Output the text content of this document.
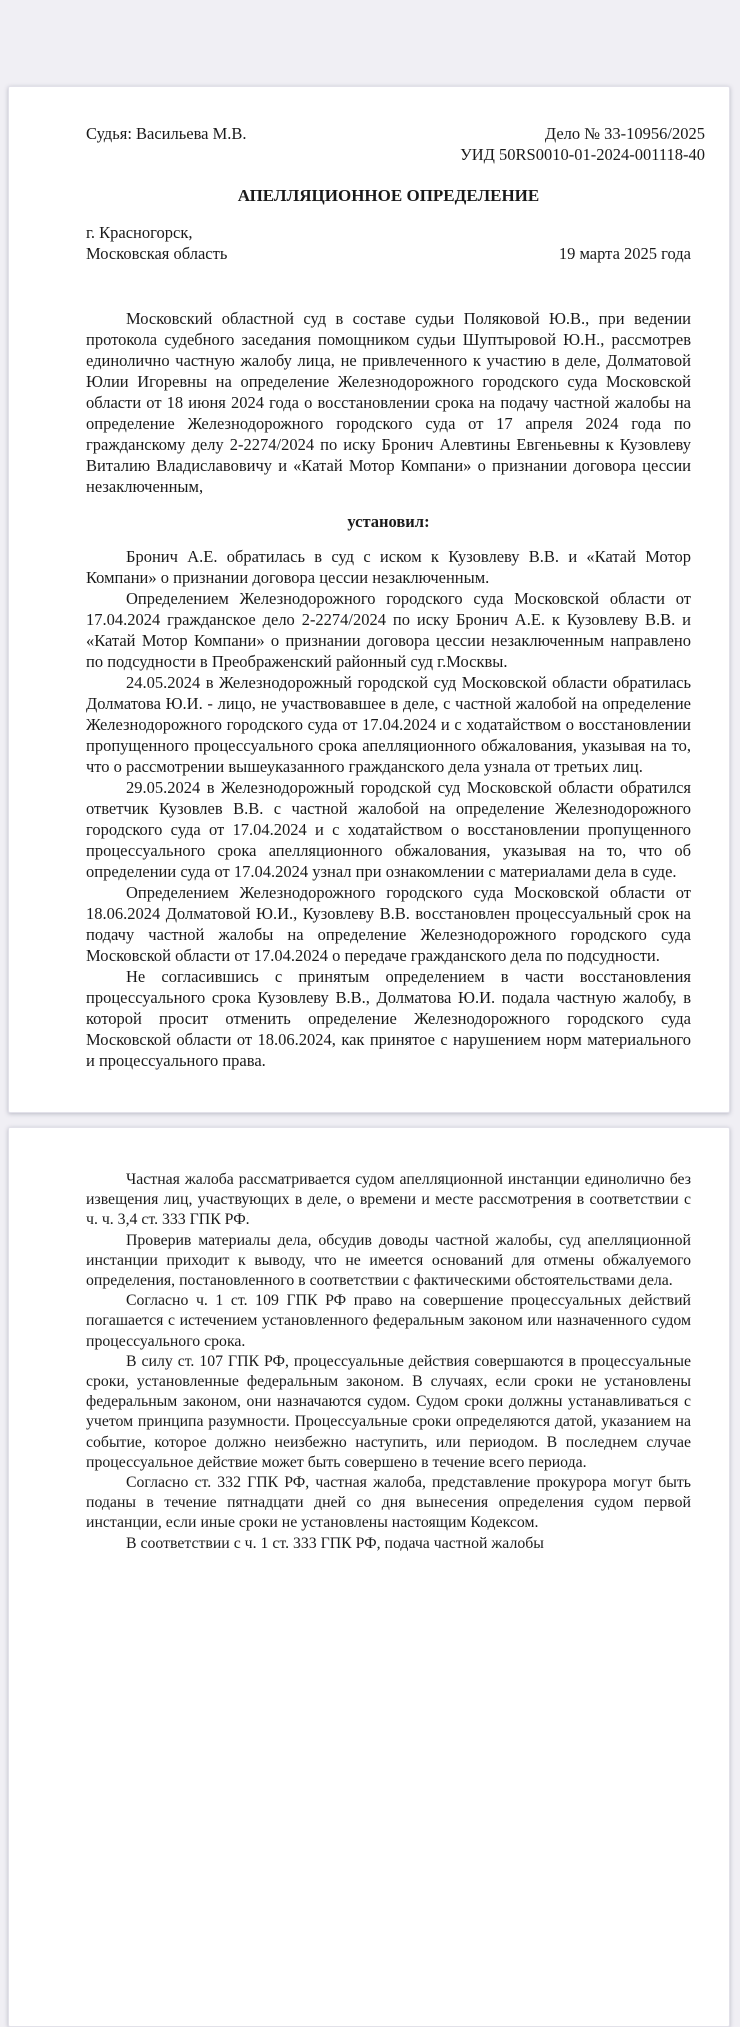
Судья: Васильева М.В.	Дело № 33-10956/2025
УИД 50RS0010-01-2024-001118-40
АПЕЛЛЯЦИОННОЕ ОПРЕДЕЛЕНИЕ
г. Красногорск,
Московская область	19 марта 2025 года

Московский областной суд в составе судьи Поляковой Ю.В., при ведении протокола судебного заседания помощником судьи Шуптыровой Ю.Н., рассмотрев единолично частную жалобу лица, не привлеченного к участию в деле, Долматовой Юлии Игоревны на определение Железнодорожного городского суда Московской области от 18 июня 2024 года о восстановлении срока на подачу частной жалобы на определение Железнодорожного городского суда от 17 апреля 2024 года по гражданскому делу 2-2274/2024 по иску Бронич Алевтины Евгеньевны к Кузовлеву Виталию Владиславовичу и «Катай Мотор Компани» о признании договора цессии незаключенным,

установил:

Бронич А.Е. обратилась в суд с иском к Кузовлеву В.В. и «Катай Мотор Компани» о признании договора цессии незаключенным.

Определением Железнодорожного городского суда Московской области от 17.04.2024 гражданское дело 2-2274/2024 по иску Бронич А.Е. к Кузовлеву В.В. и «Катай Мотор Компани» о признании договора цессии незаключенным направлено по подсудности в Преображенский районный суд г.Москвы.

24.05.2024 в Железнодорожный городской суд Московской области обратилась Долматова Ю.И. - лицо, не участвовавшее в деле, с частной жалобой на определение Железнодорожного городского суда от 17.04.2024 и с ходатайством о восстановлении пропущенного процессуального срока апелляционного обжалования, указывая на то, что о рассмотрении вышеуказанного гражданского дела узнала от третьих лиц.

29.05.2024 в Железнодорожный городской суд Московской области обратился ответчик Кузовлев В.В. с частной жалобой на определение Железнодорожного городского суда от 17.04.2024 и с ходатайством о восстановлении пропущенного процессуального срока апелляционного обжалования, указывая на то, что об определении суда от 17.04.2024 узнал при ознакомлении с материалами дела в суде.

Определением Железнодорожного городского суда Московской области от 18.06.2024 Долматовой Ю.И., Кузовлеву В.В. восстановлен процессуальный срок на подачу частной жалобы на определение Железнодорожного городского суда Московской области от 17.04.2024 о передаче гражданского дела по подсудности.

Не согласившись с принятым определением в части восстановления процессуального срока Кузовлеву В.В., Долматова Ю.И. подала частную жалобу, в которой просит отменить определение Железнодорожного городского суда Московской области от 18.06.2024, как принятое с нарушением норм материального и процессуального права.

Частная жалоба рассматривается судом апелляционной инстанции единолично без извещения лиц, участвующих в деле, о времени и месте рассмотрения в соответствии с ч. ч. 3,4 ст. 333 ГПК РФ.

Проверив материалы дела, обсудив доводы частной жалобы, суд апелляционной инстанции приходит к выводу, что не имеется оснований для отмены обжалуемого определения, постановленного в соответствии с фактическими обстоятельствами дела.

Согласно ч. 1 ст. 109 ГПК РФ право на совершение процессуальных действий погашается с истечением установленного федеральным законом или назначенного судом процессуального срока.

В силу ст. 107 ГПК РФ, процессуальные действия совершаются в процессуальные сроки, установленные федеральным законом. В случаях, если сроки не установлены федеральным законом, они назначаются судом. Судом сроки должны устанавливаться с учетом принципа разумности. Процессуальные сроки определяются датой, указанием на событие, которое должно неизбежно наступить, или периодом. В последнем случае процессуальное действие может быть совершено в течение всего периода.

Согласно ст. 332 ГПК РФ, частная жалоба, представление прокурора могут быть поданы в течение пятнадцати дней со дня вынесения определения судом первой инстанции, если иные сроки не установлены настоящим Кодексом.

В соответствии с ч. 1 ст. 333 ГПК РФ, подача частной жалобы
